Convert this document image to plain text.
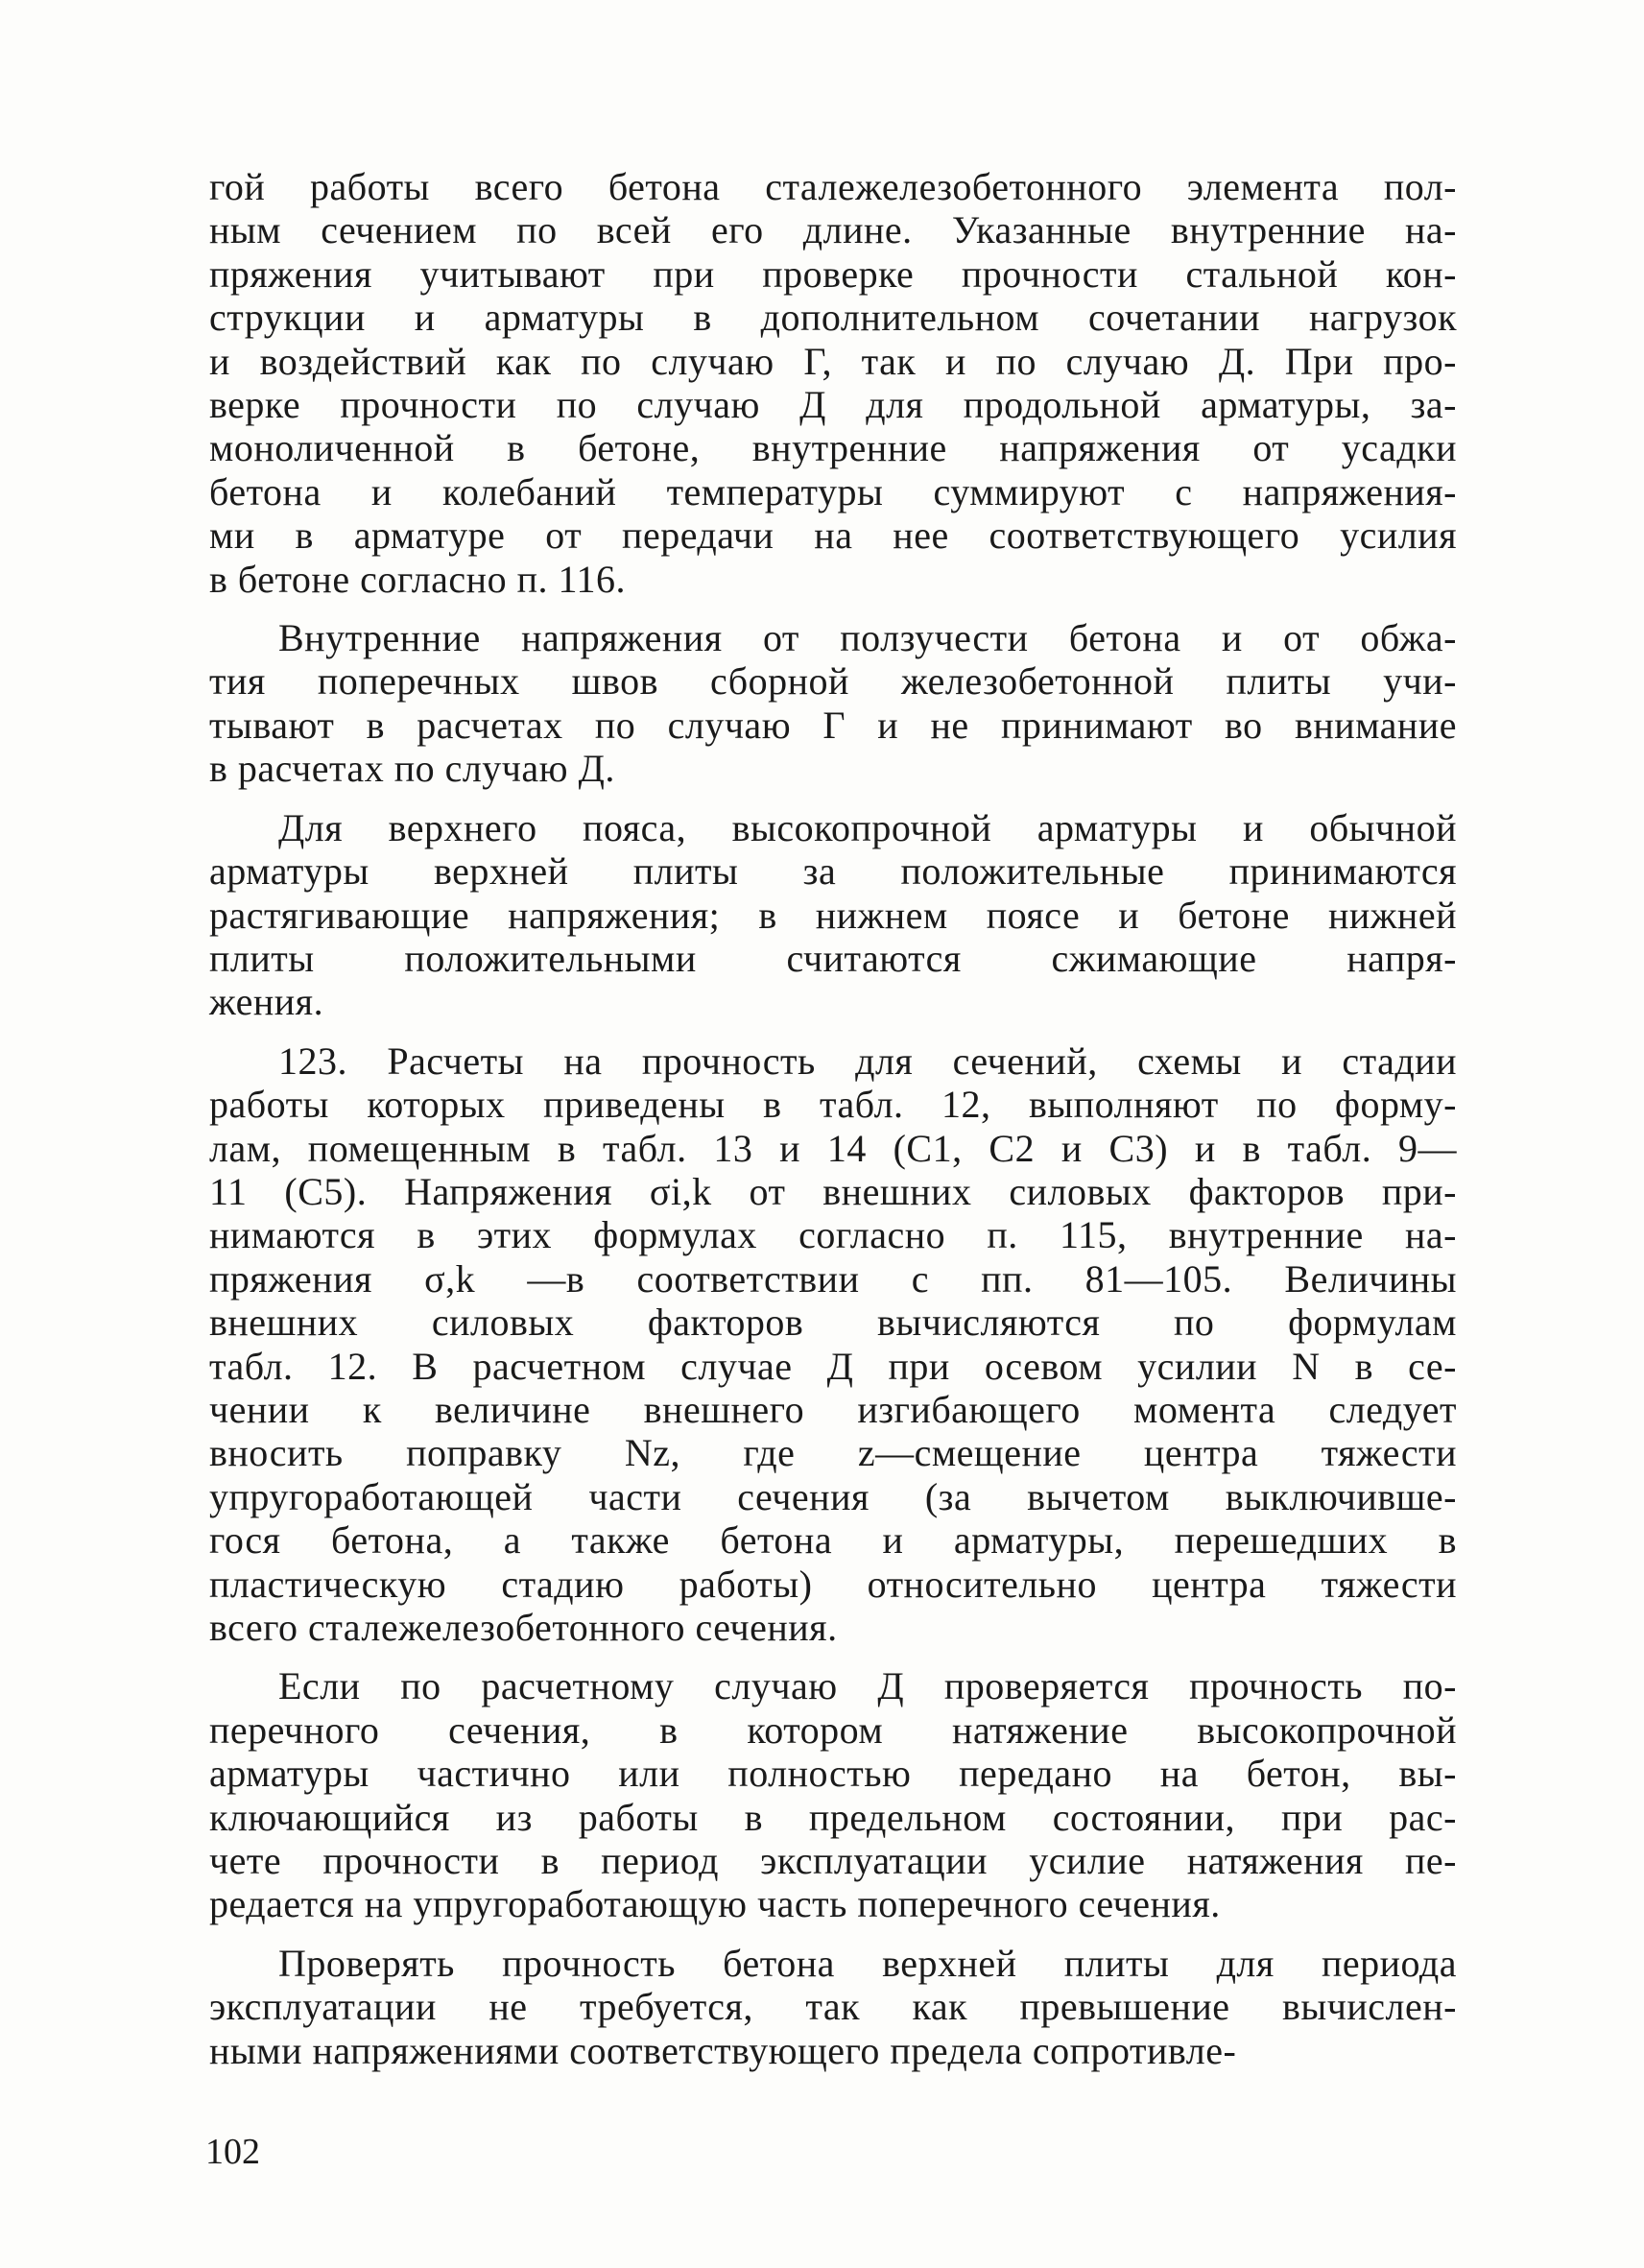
гой работы всего бетона сталежелезобетонного элемента пол-
ным сечением по всей его длине. Указанные внутренние на-
пряжения учитывают при проверке прочности стальной кон-
струкции и арматуры в дополнительном сочетании нагрузок
и воздействий как по случаю Г, так и по случаю Д. При про-
верке прочности по случаю Д для продольной арматуры, за-
моноличенной в бетоне, внутренние напряжения от усадки
бетона и колебаний температуры суммируют с напряжения-
ми в арматуре от передачи на нее соответствующего усилия
в бетоне согласно п. 116.
Внутренние напряжения от ползучести бетона и от обжа-
тия поперечных швов сборной железобетонной плиты учи-
тывают в расчетах по случаю Г и не принимают во внимание
в расчетах по случаю Д.
Для верхнего пояса, высокопрочной арматуры и обычной
арматуры верхней плиты за положительные принимаются
растягивающие напряжения; в нижнем поясе и бетоне нижней
плиты положительными считаются сжимающие напря-
жения.
123. Расчеты на прочность для сечений, схемы и стадии
работы которых приведены в табл. 12, выполняют по форму-
лам, помещенным в табл. 13 и 14 (С1, С2 и С3) и в табл. 9—
11 (С5). Напряжения σi,k от внешних силовых факторов при-
нимаются в этих формулах согласно п. 115, внутренние на-
пряжения σ,k —в соответствии с пп. 81—105. Величины
внешних силовых факторов вычисляются по формулам
табл. 12. В расчетном случае Д при осевом усилии N в се-
чении к величине внешнего изгибающего момента следует
вносить поправку Nz, где z—смещение центра тяжести
упругоработающей части сечения (за вычетом выключивше-
гося бетона, а также бетона и арматуры, перешедших в
пластическую стадию работы) относительно центра тяжести
всего сталежелезобетонного сечения.
Если по расчетному случаю Д проверяется прочность по-
перечного сечения, в котором натяжение высокопрочной
арматуры частично или полностью передано на бетон, вы-
ключающийся из работы в предельном состоянии, при рас-
чете прочности в период эксплуатации усилие натяжения пе-
редается на упругоработающую часть поперечного сечения.
Проверять прочность бетона верхней плиты для периода
эксплуатации не требуется, так как превышение вычислен-
ными напряжениями соответствующего предела сопротивле-
102
